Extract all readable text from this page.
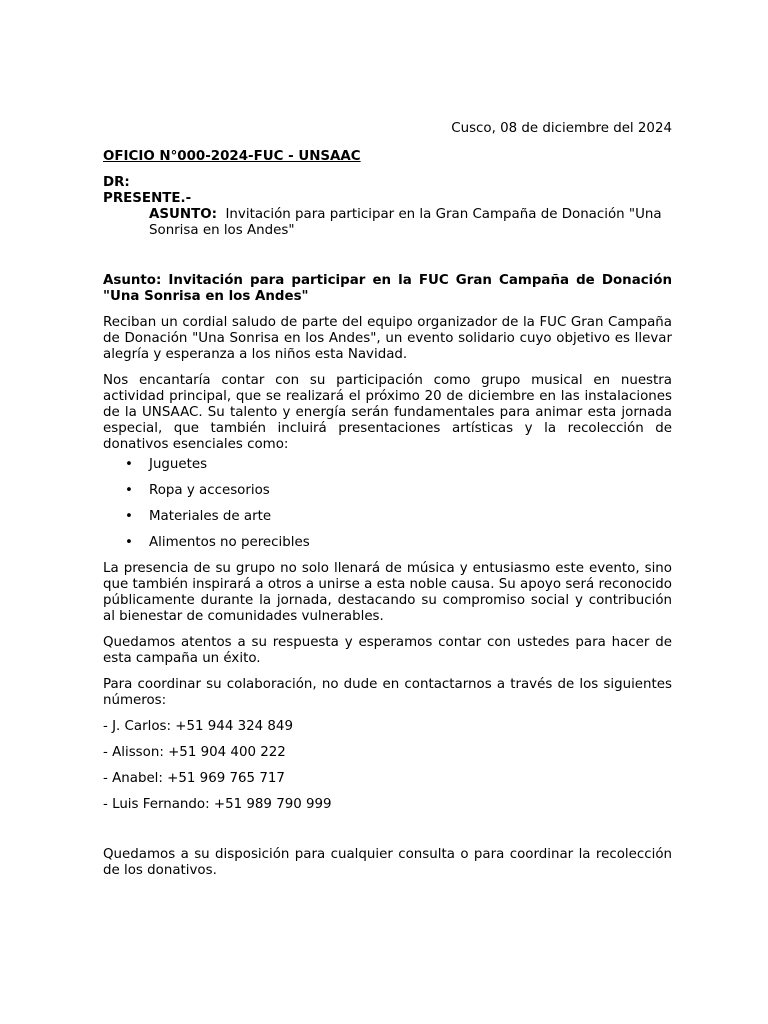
Cusco, 08 de diciembre del 2024

OFICIO N°000-2024-FUC - UNSAAC

DR:

PRESENTE.-

ASUNTO: Invitación para participar en la Gran Campaña de Donación "Una Sonrisa en los Andes"

Asunto: Invitación para participar en la FUC Gran Campaña de Donación "Una Sonrisa en los Andes"

Reciban un cordial saludo de parte del equipo organizador de la FUC Gran Campaña de Donación "Una Sonrisa en los Andes", un evento solidario cuyo objetivo es llevar alegría y esperanza a los niños esta Navidad.

Nos encantaría contar con su participación como grupo musical en nuestra actividad principal, que se realizará el próximo 20 de diciembre en las instalaciones de la UNSAAC. Su talento y energía serán fundamentales para animar esta jornada especial, que también incluirá presentaciones artísticas y la recolección de donativos esenciales como:

• Juguetes
• Ropa y accesorios
• Materiales de arte
• Alimentos no perecibles

La presencia de su grupo no solo llenará de música y entusiasmo este evento, sino que también inspirará a otros a unirse a esta noble causa. Su apoyo será reconocido públicamente durante la jornada, destacando su compromiso social y contribución al bienestar de comunidades vulnerables.

Quedamos atentos a su respuesta y esperamos contar con ustedes para hacer de esta campaña un éxito.

Para coordinar su colaboración, no dude en contactarnos a través de los siguientes números:

- J. Carlos: +51 944 324 849
- Alisson: +51 904 400 222
- Anabel: +51 969 765 717
- Luis Fernando: +51 989 790 999

Quedamos a su disposición para cualquier consulta o para coordinar la recolección de los donativos.
